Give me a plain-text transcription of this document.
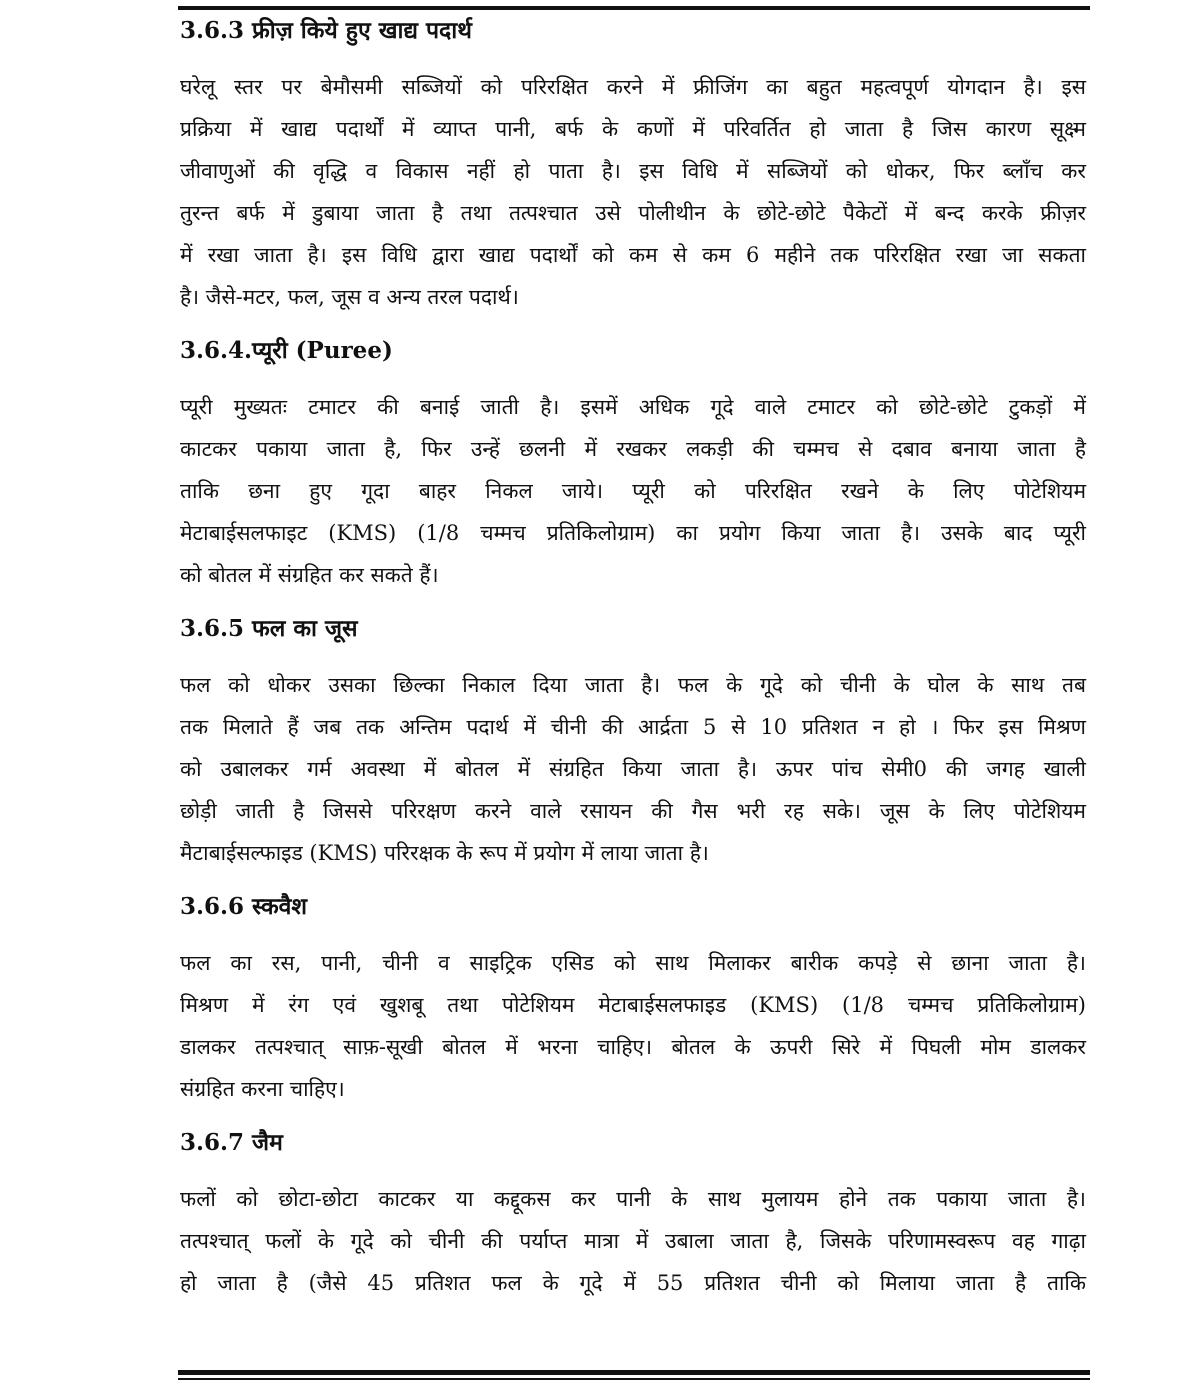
3.6.3 फ्रीज़ किये हुए खाद्य पदार्थ

घरेलू स्तर पर बेमौसमी सब्जियों को परिरक्षित करने में फ्रीजिंग का बहुत महत्वपूर्ण योगदान है। इस
प्रक्रिया में खाद्य पदार्थों में व्याप्त पानी, बर्फ के कणों में परिवर्तित हो जाता है जिस कारण सूक्ष्म
जीवाणुओं की वृद्धि व विकास नहीं हो पाता है। इस विधि में सब्जियों को धोकर, फिर ब्लाँच कर
तुरन्त बर्फ में डुबाया जाता है तथा तत्पश्चात उसे पोलीथीन के छोटे-छोटे पैकेटों में बन्द करके फ्रीज़र
में रखा जाता है। इस विधि द्वारा खाद्य पदार्थों को कम से कम 6 महीने तक परिरक्षित रखा जा सकता
है। जैसे-मटर, फल, जूस व अन्य तरल पदार्थ।

3.6.4.प्यूरी (Puree)

प्यूरी मुख्यतः टमाटर की बनाई जाती है। इसमें अधिक गूदे वाले टमाटर को छोटे-छोटे टुकड़ों में
काटकर पकाया जाता है, फिर उन्हें छलनी में रखकर लकड़ी की चम्मच से दबाव बनाया जाता है
ताकि छना हुए गूदा बाहर निकल जाये। प्यूरी को परिरक्षित रखने के लिए पोटेशियम
मेटाबाईसलफाइट (KMS) (1/8 चम्मच प्रतिकिलोग्राम) का प्रयोग किया जाता है। उसके बाद प्यूरी
को बोतल में संग्रहित कर सकते हैं।

3.6.5 फल का जूस

फल को धोकर उसका छिल्का निकाल दिया जाता है। फल के गूदे को चीनी के घोल के साथ तब
तक मिलाते हैं जब तक अन्तिम पदार्थ में चीनी की आर्द्रता 5 से 10 प्रतिशत न हो । फिर इस मिश्रण
को उबालकर गर्म अवस्था में बोतल में संग्रहित किया जाता है। ऊपर पांच सेमी0 की जगह खाली
छोड़ी जाती है जिससे परिरक्षण करने वाले रसायन की गैस भरी रह सके। जूस के लिए पोटेशियम
मैटाबाईसल्फाइड (KMS) परिरक्षक के रूप में प्रयोग में लाया जाता है।

3.6.6 स्कवैश

फल का रस, पानी, चीनी व साइट्रिक एसिड को साथ मिलाकर बारीक कपड़े से छाना जाता है।
मिश्रण में रंग एवं खुशबू तथा पोटेशियम मेटाबाईसलफाइड (KMS) (1/8 चम्मच प्रतिकिलोग्राम)
डालकर तत्पश्चात् साफ़-सूखी बोतल में भरना चाहिए। बोतल के ऊपरी सिरे में पिघली मोम डालकर
संग्रहित करना चाहिए।

3.6.7 जैम

फलों को छोटा-छोटा काटकर या कद्दूकस कर पानी के साथ मुलायम होने तक पकाया जाता है।
तत्पश्चात् फलों के गूदे को चीनी की पर्याप्त मात्रा में उबाला जाता है, जिसके परिणामस्वरूप वह गाढ़ा
हो जाता है (जैसे 45 प्रतिशत फल के गूदे में 55 प्रतिशत चीनी को मिलाया जाता है ताकि
